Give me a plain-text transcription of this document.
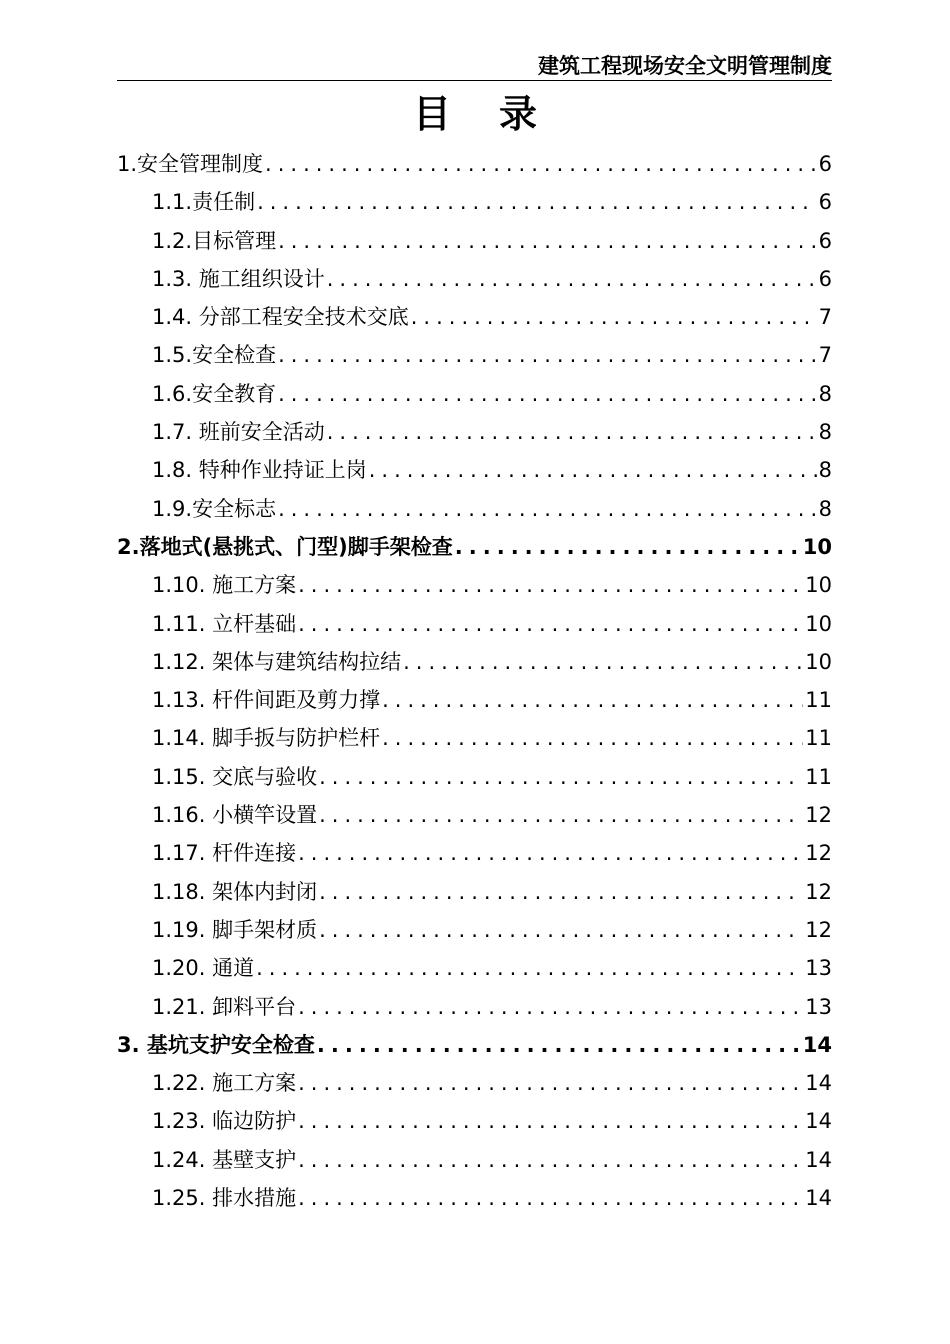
建筑工程现场安全文明管理制度
目录
1.安全管理制度 .....	6
1.1.责任制 .....	6
1.2.目标管理 .....	6
1.3. 施工组织设计 .....	6
1.4. 分部工程安全技术交底 .....	7
1.5.安全检查 .....	7
1.6.安全教育 .....	8
1.7. 班前安全活动 .....	8
1.8. 特种作业持证上岗 .....	8
1.9.安全标志 .....	8
2.落地式(悬挑式、门型)脚手架检查 .....	10
1.10. 施工方案 .....	10
1.11. 立杆基础 .....	10
1.12. 架体与建筑结构拉结 .....	10
1.13. 杆件间距及剪力撑 .....	11
1.14. 脚手扳与防护栏杆 .....	11
1.15. 交底与验收 .....	11
1.16. 小横竿设置 .....	12
1.17. 杆件连接 .....	12
1.18. 架体内封闭 .....	12
1.19. 脚手架材质 .....	12
1.20. 通道 .....	13
1.21. 卸料平台 .....	13
3. 基坑支护安全检查 .....	14
1.22. 施工方案 .....	14
1.23. 临边防护 .....	14
1.24. 基壁支护 .....	14
1.25. 排水措施 .....	14
